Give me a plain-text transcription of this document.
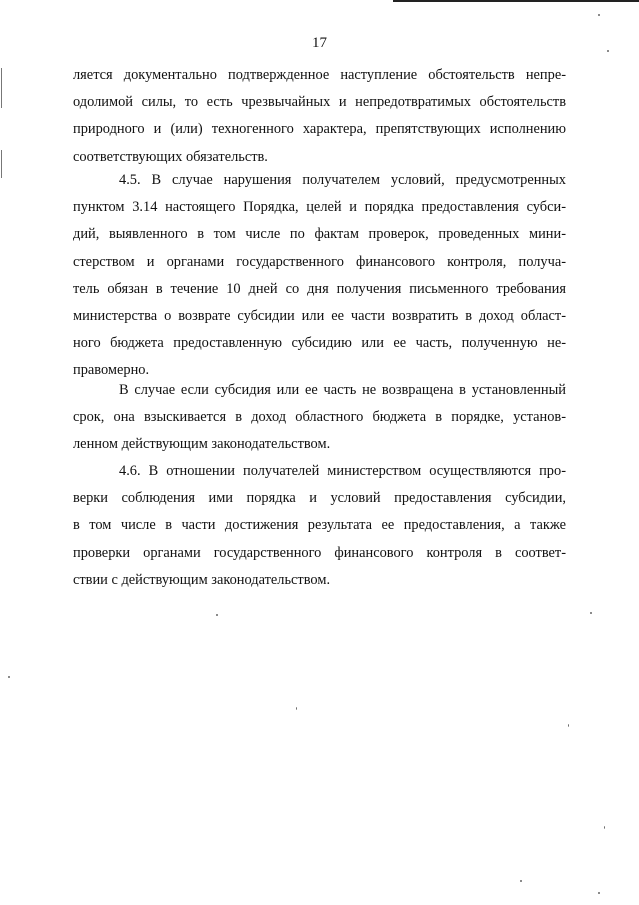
17
ляется документально подтвержденное наступление обстоятельств непре-
одолимой силы, то есть чрезвычайных и непредотвратимых обстоятельств
природного и (или) техногенного характера, препятствующих исполнению
соответствующих обязательств.
4.5. В случае нарушения получателем условий, предусмотренных
пунктом 3.14 настоящего Порядка, целей и порядка предоставления субси-
дий, выявленного в том числе по фактам проверок, проведенных мини-
стерством и органами государственного финансового контроля, получа-
тель обязан в течение 10 дней со дня получения письменного требования
министерства о возврате субсидии или ее части возвратить в доход област-
ного бюджета предоставленную субсидию или ее часть, полученную не-
правомерно.
В случае если субсидия или ее часть не возвращена в установленный
срок, она взыскивается в доход областного бюджета в порядке, установ-
ленном действующим законодательством.
4.6. В отношении получателей министерством осуществляются про-
верки соблюдения ими порядка и условий предоставления субсидии,
в том числе в части достижения результата ее предоставления, а также
проверки органами государственного финансового контроля в соответ-
ствии с действующим законодательством.
